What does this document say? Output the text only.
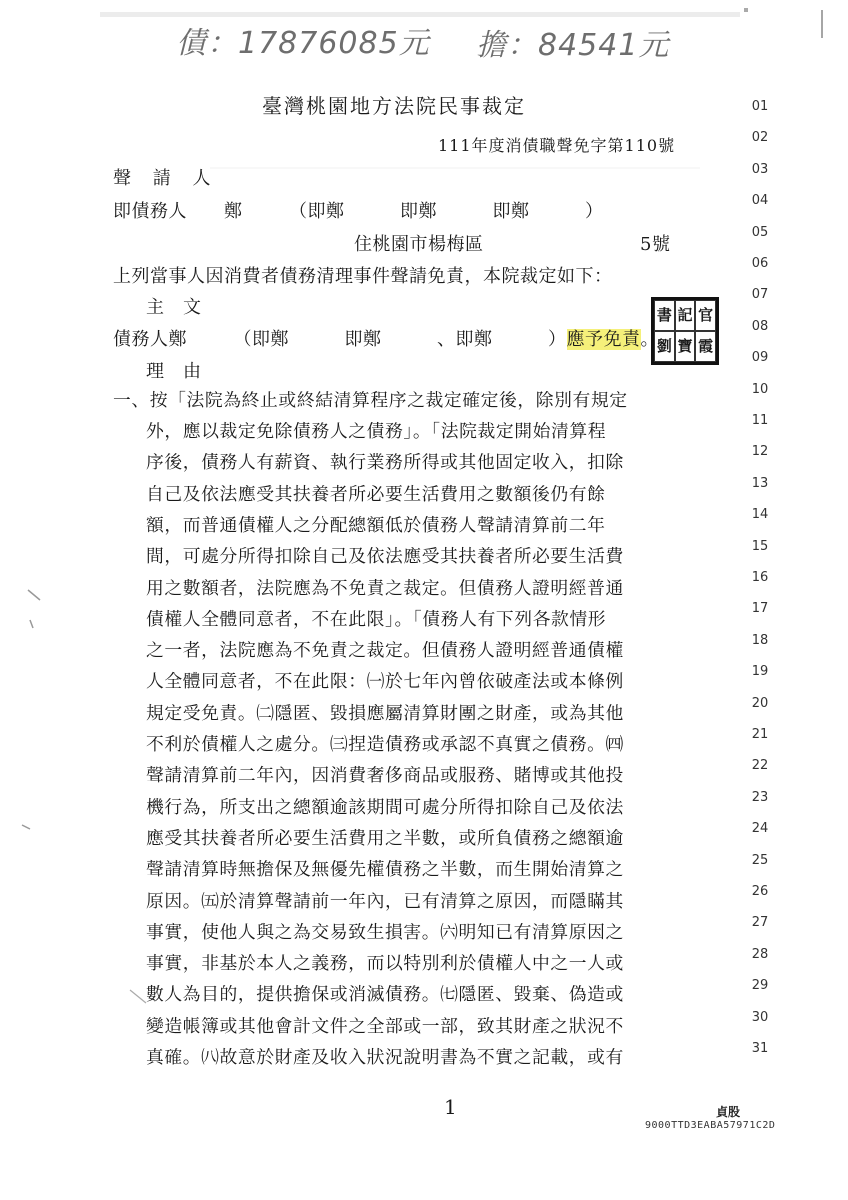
債：17876085元 擔：84541元
臺灣桃園地方法院民事裁定
111年度消債職聲免字第110號
聲 請 人
即債務人　　鄭　　　（即鄭　　　即鄭　　　即鄭　　　）
住桃園市楊梅區	5號
上列當事人因消費者債務清理事件聲請免責，本院裁定如下：
主　文
債務人鄭　　　（即鄭　　　即鄭　　　、即鄭　　　）應予免責。
書 記 官
劉 寶 霞
理　由
一、按「法院為終止或終結清算程序之裁定確定後，除別有規定
外，應以裁定免除債務人之債務」。「法院裁定開始清算程
序後，債務人有薪資、執行業務所得或其他固定收入，扣除
自己及依法應受其扶養者所必要生活費用之數額後仍有餘
額，而普通債權人之分配總額低於債務人聲請清算前二年
間，可處分所得扣除自己及依法應受其扶養者所必要生活費
用之數額者，法院應為不免責之裁定。但債務人證明經普通
債權人全體同意者，不在此限」。「債務人有下列各款情形
之一者，法院應為不免責之裁定。但債務人證明經普通債權
人全體同意者，不在此限：㈠於七年內曾依破產法或本條例
規定受免責。㈡隱匿、毀損應屬清算財團之財產，或為其他
不利於債權人之處分。㈢捏造債務或承認不真實之債務。㈣
聲請清算前二年內，因消費奢侈商品或服務、賭博或其他投
機行為，所支出之總額逾該期間可處分所得扣除自己及依法
應受其扶養者所必要生活費用之半數，或所負債務之總額逾
聲請清算時無擔保及無優先權債務之半數，而生開始清算之
原因。㈤於清算聲請前一年內，已有清算之原因，而隱瞞其
事實，使他人與之為交易致生損害。㈥明知已有清算原因之
事實，非基於本人之義務，而以特別利於債權人中之一人或
數人為目的，提供擔保或消滅債務。㈦隱匿、毀棄、偽造或
變造帳簿或其他會計文件之全部或一部，致其財產之狀況不
真確。㈧故意於財產及收入狀況說明書為不實之記載，或有
01
02
03
04
05
06
07
08
09
10
11
12
13
14
15
16
17
18
19
20
21
22
23
24
25
26
27
28
29
30
31
1	貞股
9000TTD3EABA57971C2D
